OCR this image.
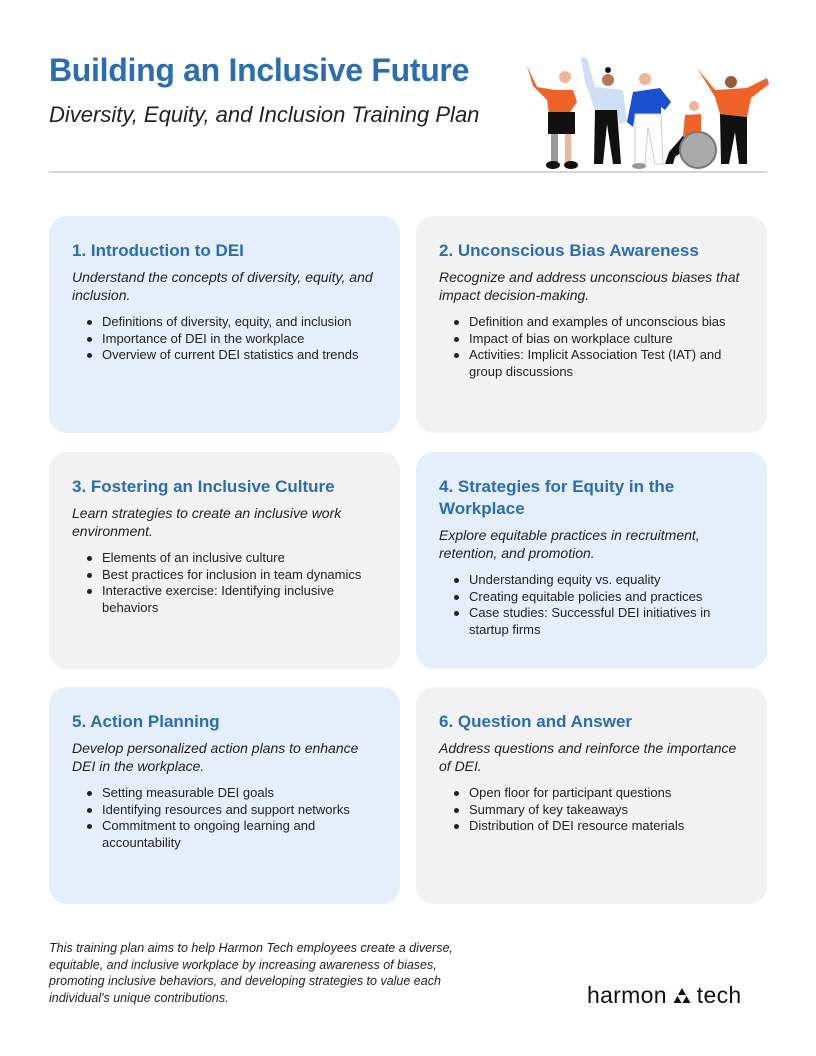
Building an Inclusive Future
Diversity, Equity, and Inclusion Training Plan
1. Introduction to DEI
Understand the concepts of diversity, equity, and inclusion.
Definitions of diversity, equity, and inclusion
Importance of DEI in the workplace
Overview of current DEI statistics and trends
2. Unconscious Bias Awareness
Recognize and address unconscious biases that impact decision-making.
Definition and examples of unconscious bias
Impact of bias on workplace culture
Activities: Implicit Association Test (IAT) and group discussions
3. Fostering an Inclusive Culture
Learn strategies to create an inclusive work environment.
Elements of an inclusive culture
Best practices for inclusion in team dynamics
Interactive exercise: Identifying inclusive behaviors
4. Strategies for Equity in the Workplace
Explore equitable practices in recruitment, retention, and promotion.
Understanding equity vs. equality
Creating equitable policies and practices
Case studies: Successful DEI initiatives in startup firms
5. Action Planning
Develop personalized action plans to enhance DEI in the workplace.
Setting measurable DEI goals
Identifying resources and support networks
Commitment to ongoing learning and accountability
6. Question and Answer
Address questions and reinforce the importance of DEI.
Open floor for participant questions
Summary of key takeaways
Distribution of DEI resource materials
This training plan aims to help Harmon Tech employees create a diverse, equitable, and inclusive workplace by increasing awareness of biases, promoting inclusive behaviors, and developing strategies to value each individual's unique contributions.	harmon tech
